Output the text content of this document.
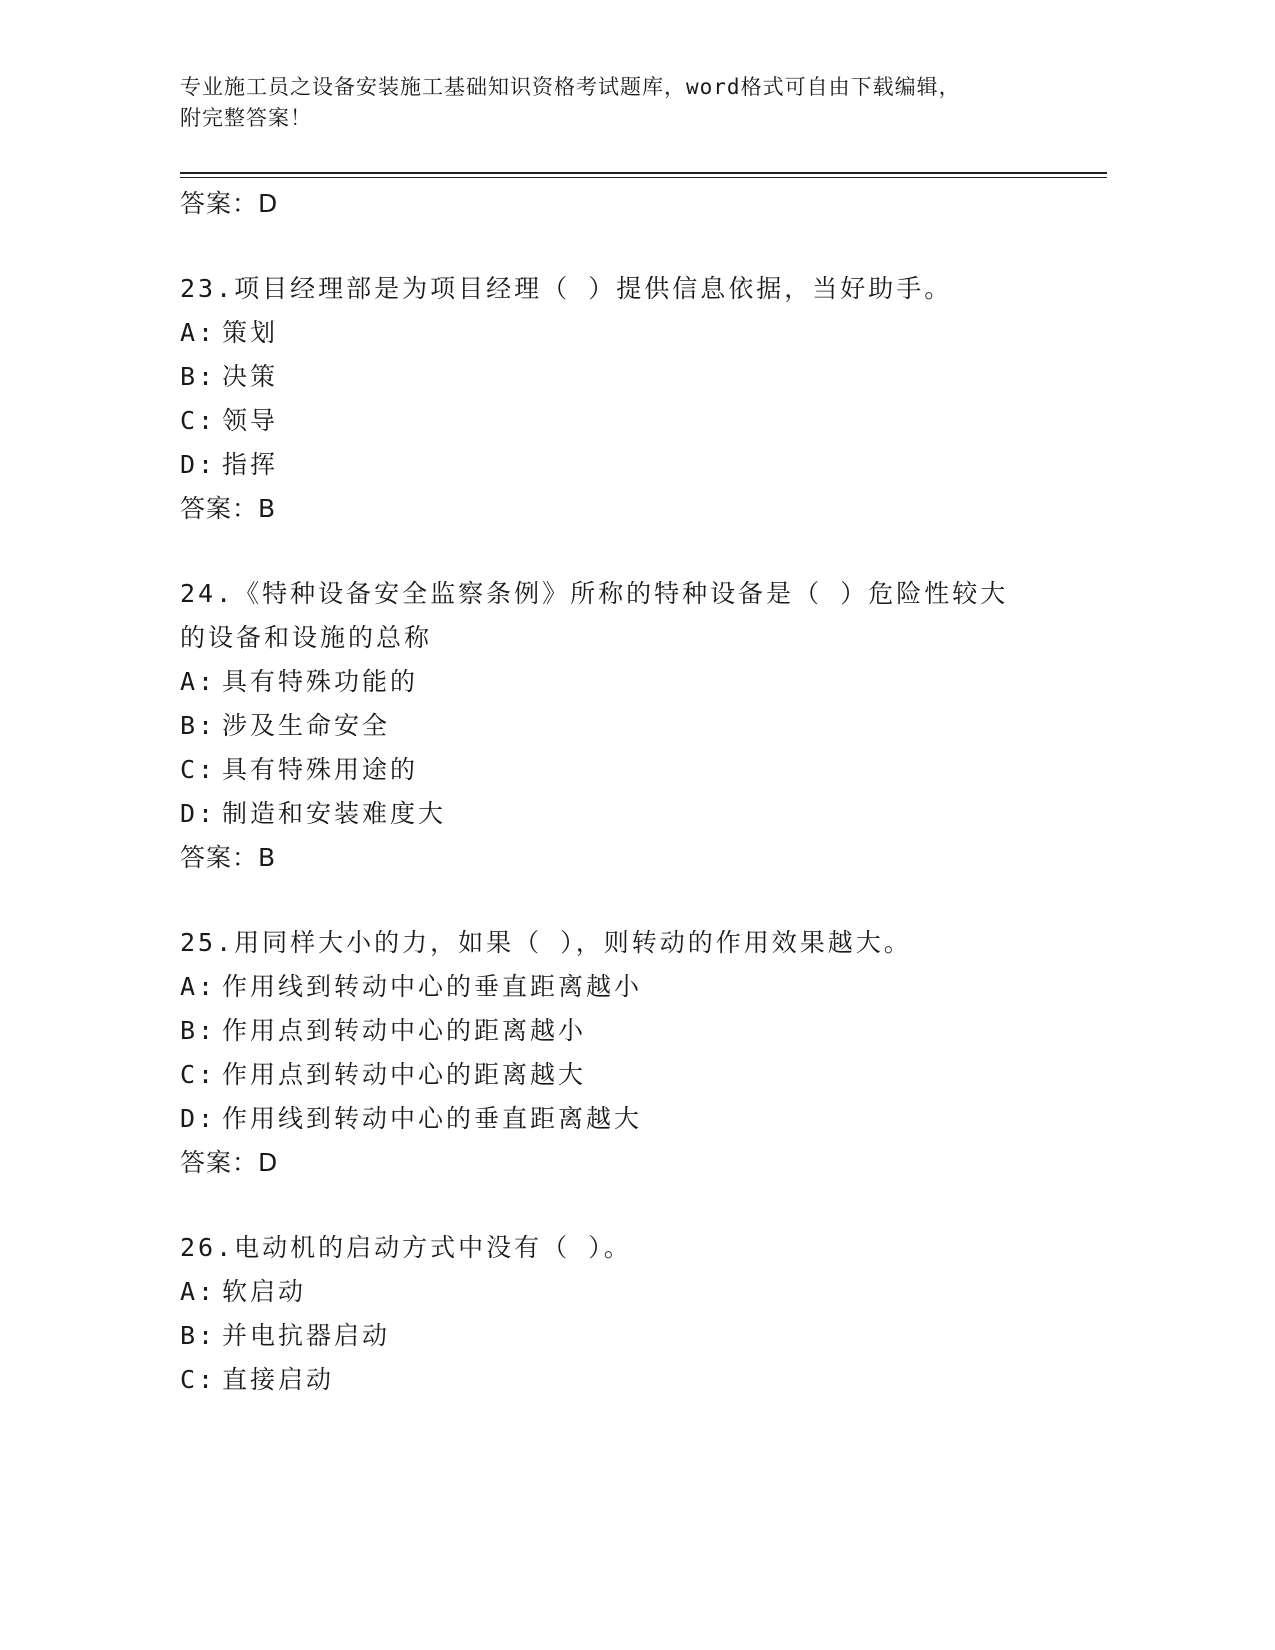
专业施工员之设备安装施工基础知识资格考试题库，word格式可自由下载编辑，
附完整答案！
答案：D
23.项目经理部是为项目经理（ ）提供信息依据，当好助手。
A: 策划
B: 决策
C: 领导
D: 指挥
答案：B
24.《特种设备安全监察条例》所称的特种设备是（ ）危险性较大的设备和设施的总称
A: 具有特殊功能的
B: 涉及生命安全
C: 具有特殊用途的
D: 制造和安装难度大
答案：B
25.用同样大小的力，如果（ ），则转动的作用效果越大。
A: 作用线到转动中心的垂直距离越小
B: 作用点到转动中心的距离越小
C: 作用点到转动中心的距离越大
D: 作用线到转动中心的垂直距离越大
答案：D
26.电动机的启动方式中没有（ ）。
A: 软启动
B: 并电抗器启动
C: 直接启动
